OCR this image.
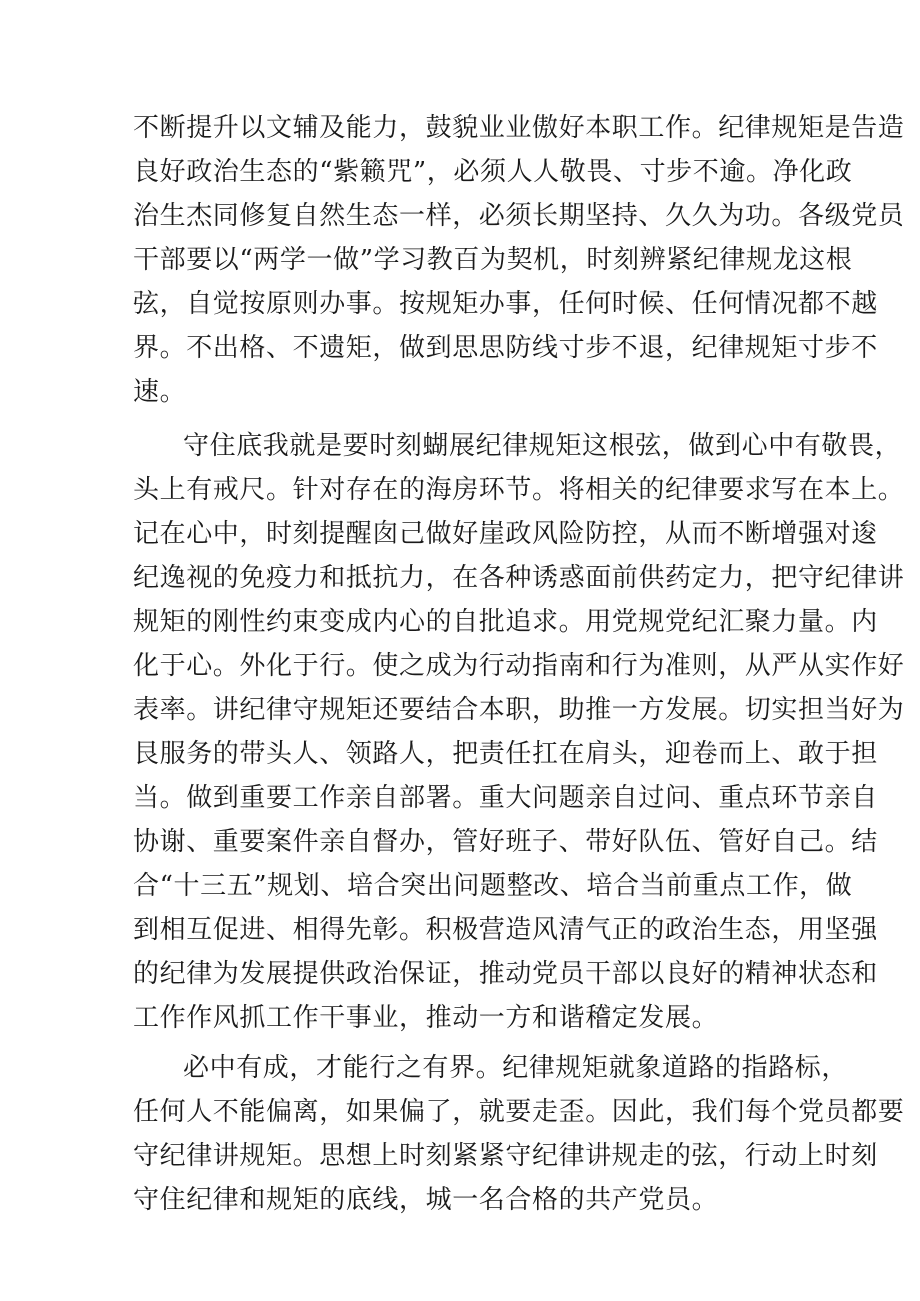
不断提升以文辅及能力，鼓貌业业傲好本职工作。纪律规矩是告造
良好政治生态的“紫籁咒”，必须人人敬畏、寸步不逾。净化政
治生杰同修复自然生态一样，必须长期坚持、久久为功。各级党员
干部要以“两学一做”学习教百为契机，时刻辨紧纪律规龙这根
弦，自觉按原则办事。按规矩办事，任何时候、任何情况都不越
界。不出格、不遗矩，做到思思防线寸步不退，纪律规矩寸步不
速。
守住底我就是要时刻蝴展纪律规矩这根弦，做到心中有敬畏，
头上有戒尺。针对存在的海房环节。将相关的纪律要求写在本上。
记在心中，时刻提醒囱己做好崖政风险防控，从而不断增强对逡
纪逸视的免疫力和抵抗力，在各种诱惑面前供药定力，把守纪律讲
规矩的刚性约束变成内心的自批追求。用党规党纪汇聚力量。内
化于心。外化于行。使之成为行动指南和行为准则，从严从实作好
表率。讲纪律守规矩还要结合本职，助推一方发展。切实担当好为
艮服务的带头人、领路人，把责任扛在肩头，迎卷而上、敢于担
当。做到重要工作亲自部署。重大问题亲自过问、重点环节亲自
协谢、重要案件亲自督办，管好班子、带好队伍、管好自己。结
合“十三五”规划、培合突出问题整改、培合当前重点工作，做
到相互促进、相得先彰。积极营造风清气正的政治生态，用坚强
的纪律为发展提供政治保证，推动党员干部以良好的精神状态和
工作作风抓工作干事业，推动一方和谐稽定发展。
必中有成，才能行之有界。纪律规矩就象道路的指路标，
任何人不能偏离，如果偏了，就要走歪。因此，我们每个党员都要
守纪律讲规矩。思想上时刻紧紧守纪律讲规走的弦，行动上时刻
守住纪律和规矩的底线，城一名合格的共产党员。
